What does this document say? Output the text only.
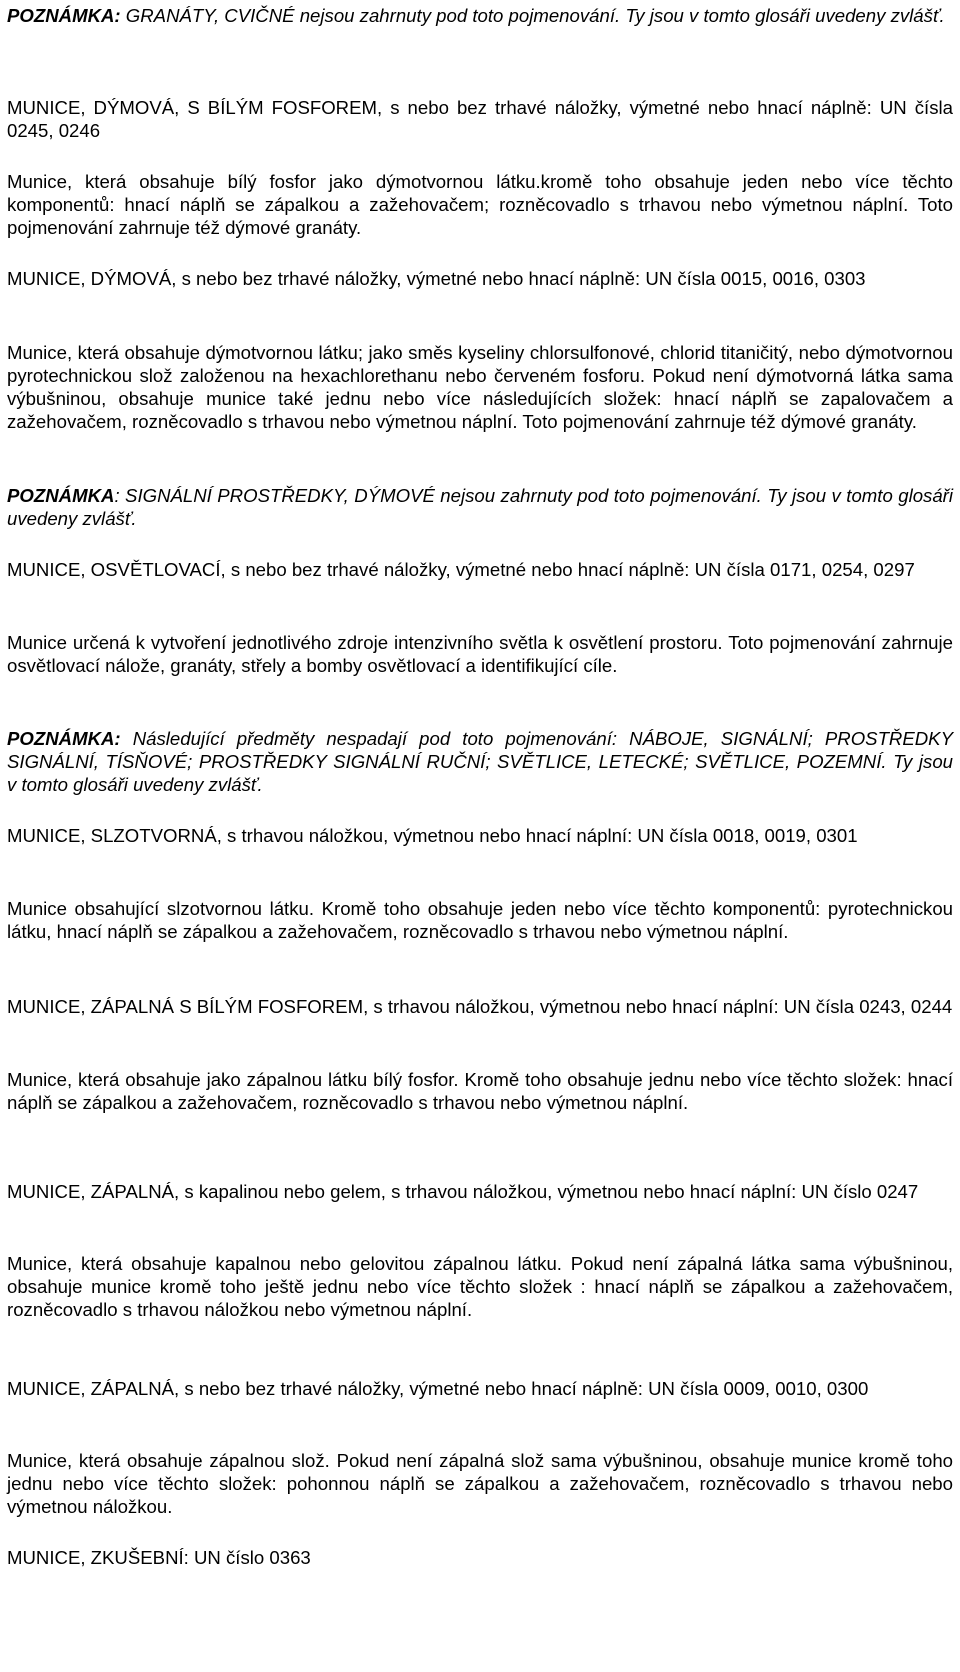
POZNÁMKA: GRANÁTY, CVIČNÉ nejsou zahrnuty pod toto pojmenování. Ty jsou v tomto glosáři uvedeny zvlášť.

MUNICE, DÝMOVÁ, S BÍLÝM FOSFOREM, s nebo bez trhavé náložky, výmetné nebo hnací náplně: UN čísla 0245, 0246

Munice, která obsahuje bílý fosfor jako dýmotvornou látku.kromě toho obsahuje jeden nebo více těchto komponentů: hnací náplň se zápalkou a zažehovačem; rozněcovadlo s trhavou nebo výmetnou náplní. Toto pojmenování zahrnuje též dýmové granáty.

MUNICE, DÝMOVÁ, s nebo bez trhavé náložky, výmetné nebo hnací náplně: UN čísla 0015, 0016, 0303

Munice, která obsahuje dýmotvornou látku; jako směs kyseliny chlorsulfonové, chlorid titaničitý, nebo dýmotvornou pyrotechnickou slož založenou na hexachlorethanu nebo červeném fosforu. Pokud není dýmotvorná látka sama výbušninou, obsahuje munice také jednu nebo více následujících složek: hnací náplň se zapalovačem a zažehovačem, rozněcovadlo s trhavou nebo výmetnou náplní. Toto pojmenování zahrnuje též dýmové granáty.

POZNÁMKA: SIGNÁLNÍ PROSTŘEDKY, DÝMOVÉ nejsou zahrnuty pod toto pojmenování. Ty jsou v tomto glosáři uvedeny zvlášť.

MUNICE, OSVĚTLOVACÍ, s nebo bez trhavé náložky, výmetné nebo hnací náplně: UN čísla 0171, 0254, 0297

Munice určená k vytvoření jednotlivého zdroje intenzivního světla k osvětlení prostoru. Toto pojmenování zahrnuje osvětlovací nálože, granáty, střely a bomby osvětlovací a identifikující cíle.

POZNÁMKA: Následující předměty nespadají pod toto pojmenování: NÁBOJE, SIGNÁLNÍ; PROSTŘEDKY SIGNÁLNÍ, TÍSŇOVÉ; PROSTŘEDKY SIGNÁLNÍ RUČNÍ; SVĚTLICE, LETECKÉ; SVĚTLICE, POZEMNÍ. Ty jsou v tomto glosáři uvedeny zvlášť.

MUNICE, SLZOTVORNÁ, s trhavou náložkou, výmetnou nebo hnací náplní: UN čísla 0018, 0019, 0301

Munice obsahující slzotvornou látku. Kromě toho obsahuje jeden nebo více těchto komponentů: pyrotechnickou látku, hnací náplň se zápalkou a zažehovačem, rozněcovadlo s trhavou nebo výmetnou náplní.

MUNICE, ZÁPALNÁ S BÍLÝM FOSFOREM, s trhavou náložkou, výmetnou nebo hnací náplní: UN čísla 0243, 0244

Munice, která obsahuje jako zápalnou látku bílý fosfor. Kromě toho obsahuje jednu nebo více těchto složek: hnací náplň se zápalkou a zažehovačem, rozněcovadlo s trhavou nebo výmetnou náplní.

MUNICE, ZÁPALNÁ, s kapalinou nebo gelem, s trhavou náložkou, výmetnou nebo hnací náplní: UN číslo 0247

Munice, která obsahuje kapalnou nebo gelovitou zápalnou látku. Pokud není zápalná látka sama výbušninou, obsahuje munice kromě toho ještě jednu nebo více těchto složek : hnací náplň se zápalkou a zažehovačem, rozněcovadlo s trhavou náložkou nebo výmetnou náplní.

MUNICE, ZÁPALNÁ, s nebo bez trhavé náložky, výmetné nebo hnací náplně: UN čísla 0009, 0010, 0300

Munice, která obsahuje zápalnou slož. Pokud není zápalná slož sama výbušninou, obsahuje munice kromě toho jednu nebo více těchto složek: pohonnou náplň se zápalkou a zažehovačem, rozněcovadlo s trhavou nebo výmetnou náložkou.

MUNICE, ZKUŠEBNÍ: UN číslo 0363
